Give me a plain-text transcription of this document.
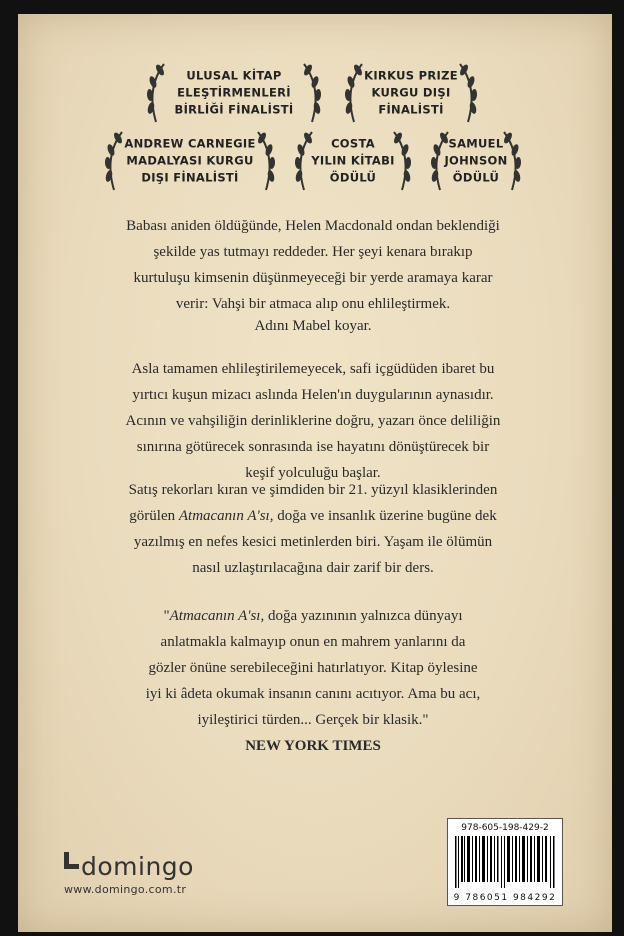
ULUSAL KİTAP
ELEŞTİRMENLERİ
BİRLİĞİ FİNALİSTİ
KIRKUS PRIZE
KURGU DIŞI
FİNALİSTİ
ANDREW CARNEGIE
MADALYASI KURGU
DIŞI FİNALİSTİ
COSTA
YILIN KİTABI
ÖDÜLÜ
SAMUEL
JOHNSON
ÖDÜLÜ
Babası aniden öldüğünde, Helen Macdonald ondan beklendiği
şekilde yas tutmayı reddeder. Her şeyi kenara bırakıp
kurtuluşu kimsenin düşünmeyeceği bir yerde aramaya karar
verir: Vahşi bir atmaca alıp onu ehlileştirmek.
Adını Mabel koyar.
Asla tamamen ehlileştirilemeyecek, safi içgüdüden ibaret bu
yırtıcı kuşun mizacı aslında Helen'ın duygularının aynasıdır.
Acının ve vahşiliğin derinliklerine doğru, yazarı önce deliliğin
sınırına götürecek sonrasında ise hayatını dönüştürecek bir
keşif yolculuğu başlar.
Satış rekorları kıran ve şimdiden bir 21. yüzyıl klasiklerinden
görülen Atmacanın A'sı, doğa ve insanlık üzerine bugüne dek
yazılmış en nefes kesici metinlerden biri. Yaşam ile ölümün
nasıl uzlaştırılacağına dair zarif bir ders.
"Atmacanın A'sı, doğa yazınının yalnızca dünyayı
anlatmakla kalmayıp onun en mahrem yanlarını da
gözler önüne serebileceğini hatırlatıyor. Kitap öylesine
iyi ki âdeta okumak insanın canını acıtıyor. Ama bu acı,
iyileştirici türden... Gerçek bir klasik."
NEW YORK TIMES
domingo
www.domingo.com.tr
978-605-198-429-2
9 786051 984292
